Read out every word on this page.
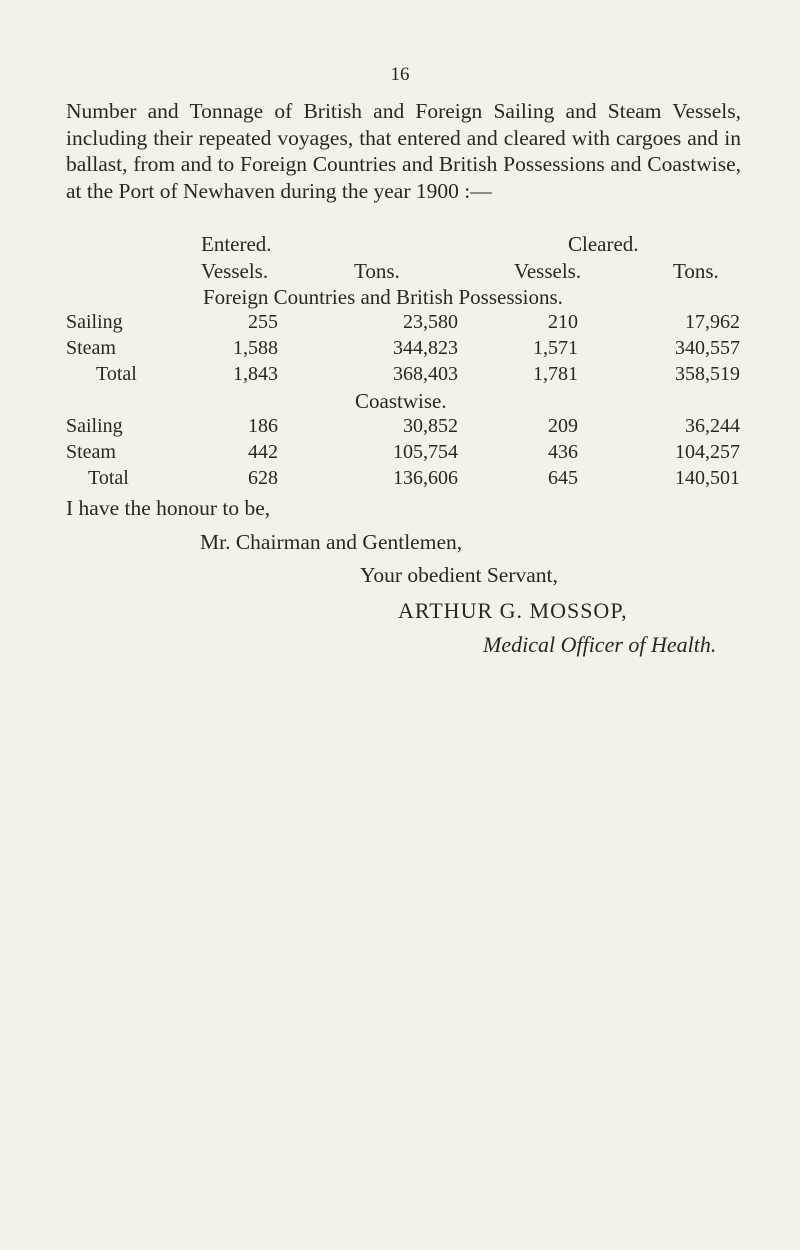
16

Number and Tonnage of British and Foreign Sailing and Steam Vessels, including their repeated voyages, that entered and cleared with cargoes and in ballast, from and to Foreign Countries and British Possessions and Coastwise, at the Port of Newhaven during the year 1900 :—

Entered.	Cleared.
Vessels.	Tons.	Vessels.	Tons.
Foreign Countries and British Possessions.
Sailing	255	23,580	210	17,962
Steam	1,588	344,823	1,571	340,557
Total	1,843	368,403	1,781	358,519
Coastwise.
Sailing	186	30,852	209	36,244
Steam	442	105,754	436	104,257
Total	628	136,606	645	140,501
I have the honour to be,
Mr. Chairman and Gentlemen,
Your obedient Servant,
ARTHUR G. MOSSOP,
Medical Officer of Health.
